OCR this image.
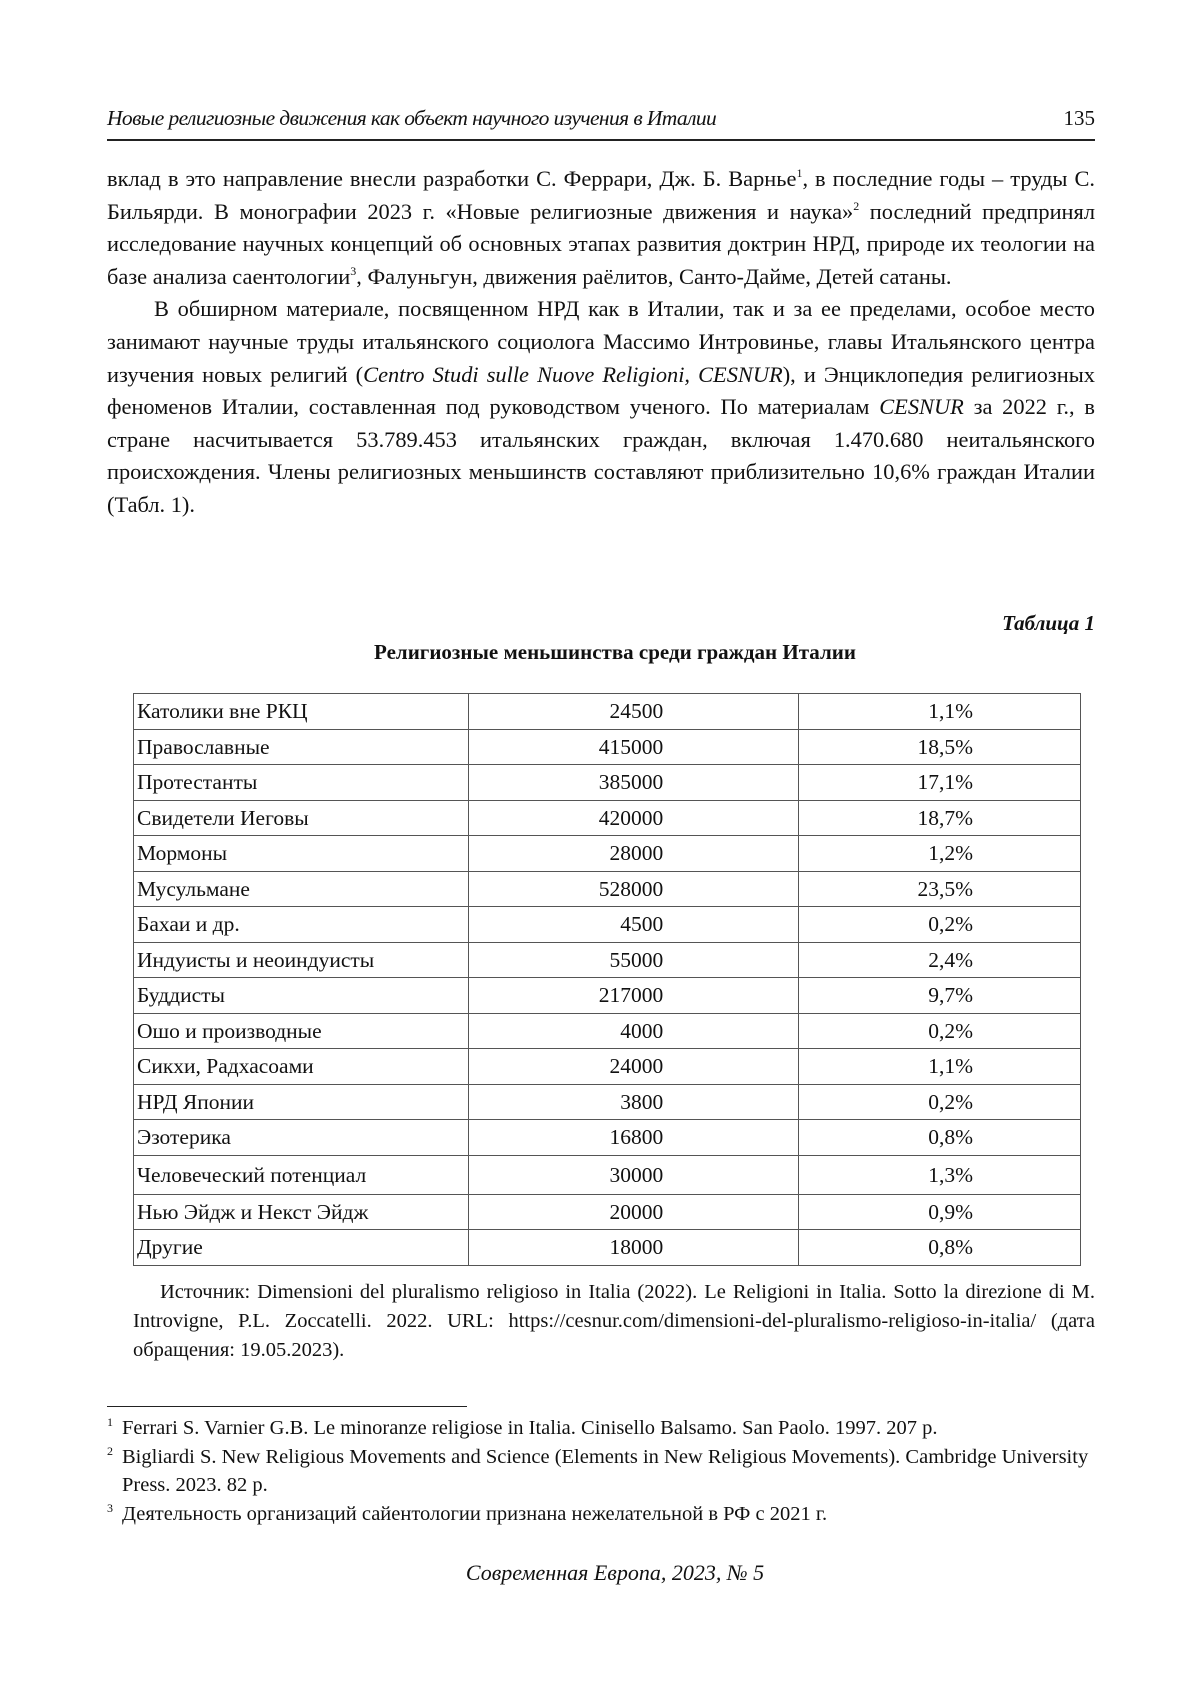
Новые религиозные движения как объект научного изучения в Италии	135

вклад в это направление внесли разработки С. Феррари, Дж. Б. Варнье$^1$, в последние годы – труды С. Бильярди. В монографии 2023 г. «Новые религиозные движения и наука»$^2$ последний предпринял исследование научных концепций об основных этапах развития доктрин НРД, природе их теологии на базе анализа саентологии$^3$, Фалуньгун, движения раёлитов, Санто-Дайме, Детей сатаны.

В обширном материале, посвященном НРД как в Италии, так и за ее пределами, особое место занимают научные труды итальянского социолога Массимо Интровинье, главы Итальянского центра изучения новых религий (Centro Studi sulle Nuove Religioni, CESNUR), и Энциклопедия религиозных феноменов Италии, составленная под руководством ученого. По материалам CESNUR за 2022 г., в стране насчитывается 53.789.453 итальянских граждан, включая 1.470.680 неитальянского происхождения. Члены религиозных меньшинств составляют приблизительно 10,6% граждан Италии (Табл. 1).

Таблица 1
Религиозные меньшинства среди граждан Италии
Католики вне РКЦ	24500	1,1%
Православные	415000	18,5%
Протестанты	385000	17,1%
Свидетели Иеговы	420000	18,7%
Мормоны	28000	1,2%
Мусульмане	528000	23,5%
Бахаи и др.	4500	0,2%
Индуисты и неоиндуисты	55000	2,4%
Буддисты	217000	9,7%
Ошо и производные	4000	0,2%
Сикхи, Радхасоами	24000	1,1%
НРД Японии	3800	0,2%
Эзотерика	16800	0,8%
Человеческий потенциал	30000	1,3%
Нью Эйдж и Некст Эйдж	20000	0,9%
Другие	18000	0,8%

Источник: Dimensioni del pluralismo religioso in Italia (2022). Le Religioni in Italia. Sotto la direzione di M. Introvigne, P.L. Zoccatelli. 2022. URL: https://cesnur.com/dimensioni-del-pluralismo-religioso-in-italia/ (дата обращения: 19.05.2023).

1 Ferrari S. Varnier G.B. Le minoranze religiose in Italia. Cinisello Balsamo. San Paolo. 1997. 207 p.
2 Bigliardi S. New Religious Movements and Science (Elements in New Religious Movements). Cambridge University Press. 2023. 82 p.
3 Деятельность организаций сайентологии признана нежелательной в РФ с 2021 г.
Современная Европа, 2023, № 5
